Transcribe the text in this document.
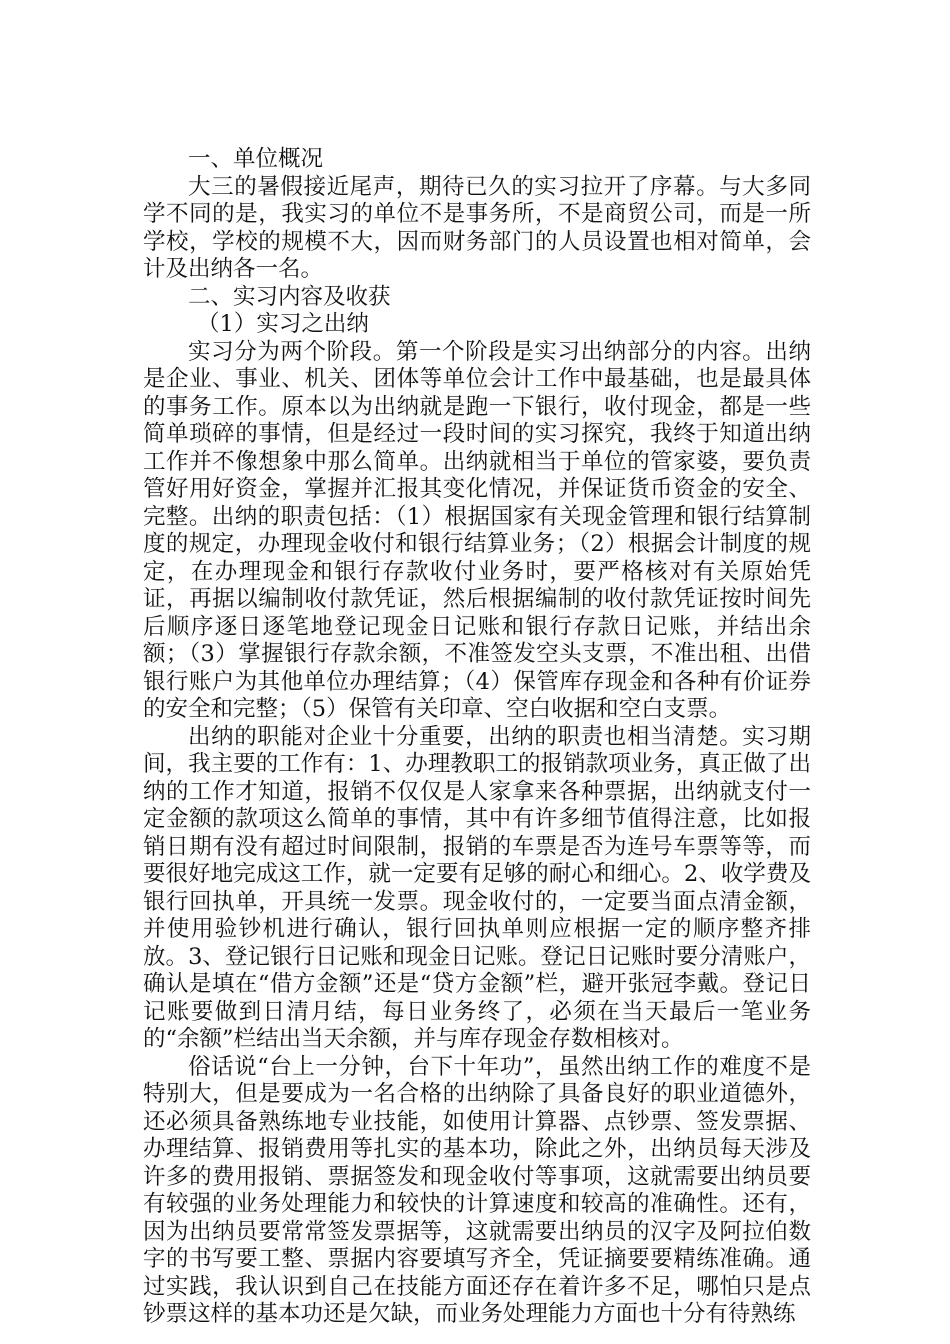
一、单位概况

大三的暑假接近尾声，期待已久的实习拉开了序幕。与大多同学不同的是，我实习的单位不是事务所，不是商贸公司，而是一所学校，学校的规模不大，因而财务部门的人员设置也相对简单，会计及出纳各一名。

二、实习内容及收获

（1）实习之出纳

实习分为两个阶段。第一个阶段是实习出纳部分的内容。出纳是企业、事业、机关、团体等单位会计工作中最基础，也是最具体的事务工作。原本以为出纳就是跑一下银行，收付现金，都是一些简单琐碎的事情，但是经过一段时间的实习探究，我终于知道出纳工作并不像想象中那么简单。出纳就相当于单位的管家婆，要负责管好用好资金，掌握并汇报其变化情况，并保证货币资金的安全、完整。出纳的职责包括：（1）根据国家有关现金管理和银行结算制度的规定，办理现金收付和银行结算业务；（2）根据会计制度的规定，在办理现金和银行存款收付业务时，要严格核对有关原始凭证，再据以编制收付款凭证，然后根据编制的收付款凭证按时间先后顺序逐日逐笔地登记现金日记账和银行存款日记账，并结出余额；（3）掌握银行存款余额，不准签发空头支票，不准出租、出借银行账户为其他单位办理结算；（4）保管库存现金和各种有价证券的安全和完整；（5）保管有关印章、空白收据和空白支票。

出纳的职能对企业十分重要，出纳的职责也相当清楚。实习期间，我主要的工作有：1、办理教职工的报销款项业务，真正做了出纳的工作才知道，报销不仅仅是人家拿来各种票据，出纳就支付一定金额的款项这么简单的事情，其中有许多细节值得注意，比如报销日期有没有超过时间限制，报销的车票是否为连号车票等等，而要很好地完成这工作，就一定要有足够的耐心和细心。2、收学费及银行回执单，开具统一发票。现金收付的，一定要当面点清金额，并使用验钞机进行确认，银行回执单则应根据一定的顺序整齐排放。3、登记银行日记账和现金日记账。登记日记账时要分清账户，确认是填在“借方金额”还是“贷方金额”栏，避开张冠李戴。登记日记账要做到日清月结，每日业务终了，必须在当天最后一笔业务的“余额”栏结出当天余额，并与库存现金存数相核对。

俗话说“台上一分钟，台下十年功”，虽然出纳工作的难度不是特别大，但是要成为一名合格的出纳除了具备良好的职业道德外，还必须具备熟练地专业技能，如使用计算器、点钞票、签发票据、办理结算、报销费用等扎实的基本功，除此之外，出纳员每天涉及许多的费用报销、票据签发和现金收付等事项，这就需要出纳员要有较强的业务处理能力和较快的计算速度和较高的准确性。还有，因为出纳员要常常签发票据等，这就需要出纳员的汉字及阿拉伯数字的书写要工整、票据内容要填写齐全，凭证摘要要精练准确。通过实践，我认识到自己在技能方面还存在着许多不足，哪怕只是点钞票这样的基本功还是欠缺，而业务处理能力方面也十分有待熟练
